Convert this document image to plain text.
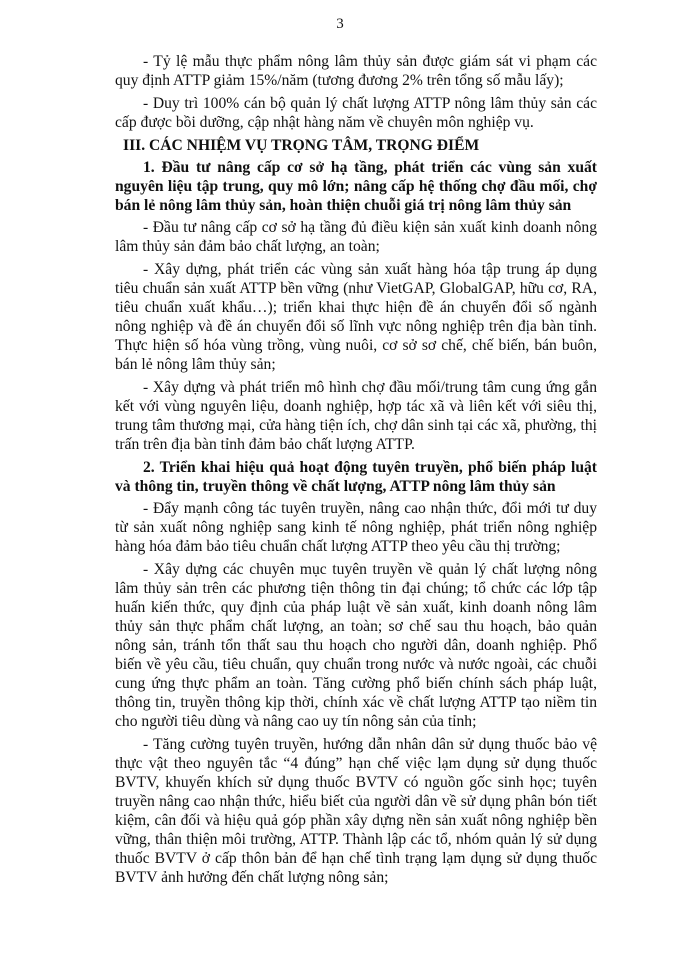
3

- Tỷ lệ mẫu thực phẩm nông lâm thủy sản được giám sát vi phạm các quy định ATTP giảm 15%/năm (tương đương 2% trên tổng số mẫu lấy);

- Duy trì 100% cán bộ quản lý chất lượng ATTP nông lâm thủy sản các cấp được bồi dưỡng, cập nhật hàng năm về chuyên môn nghiệp vụ.

III. CÁC NHIỆM VỤ TRỌNG TÂM, TRỌNG ĐIỂM

1. Đầu tư nâng cấp cơ sở hạ tầng, phát triển các vùng sản xuất nguyên liệu tập trung, quy mô lớn; nâng cấp hệ thống chợ đầu mối, chợ bán lẻ nông lâm thủy sản, hoàn thiện chuỗi giá trị nông lâm thủy sản

- Đầu tư nâng cấp cơ sở hạ tầng đủ điều kiện sản xuất kinh doanh nông lâm thủy sản đảm bảo chất lượng, an toàn;

- Xây dựng, phát triển các vùng sản xuất hàng hóa tập trung áp dụng tiêu chuẩn sản xuất ATTP bền vững (như VietGAP, GlobalGAP, hữu cơ, RA, tiêu chuẩn xuất khẩu…); triển khai thực hiện đề án chuyển đổi số ngành nông nghiệp và đề án chuyển đổi số lĩnh vực nông nghiệp trên địa bàn tỉnh. Thực hiện số hóa vùng trồng, vùng nuôi, cơ sở sơ chế, chế biến, bán buôn, bán lẻ nông lâm thủy sản;

- Xây dựng và phát triển mô hình chợ đầu mối/trung tâm cung ứng gắn kết với vùng nguyên liệu, doanh nghiệp, hợp tác xã và liên kết với siêu thị, trung tâm thương mại, cửa hàng tiện ích, chợ dân sinh tại các xã, phường, thị trấn trên địa bàn tỉnh đảm bảo chất lượng ATTP.

2. Triển khai hiệu quả hoạt động tuyên truyền, phổ biến pháp luật và thông tin, truyền thông về chất lượng, ATTP nông lâm thủy sản

- Đẩy mạnh công tác tuyên truyền, nâng cao nhận thức, đổi mới tư duy từ sản xuất nông nghiệp sang kinh tế nông nghiệp, phát triển nông nghiệp hàng hóa đảm bảo tiêu chuẩn chất lượng ATTP theo yêu cầu thị trường;

- Xây dựng các chuyên mục tuyên truyền về quản lý chất lượng nông lâm thủy sản trên các phương tiện thông tin đại chúng; tổ chức các lớp tập huấn kiến thức, quy định của pháp luật về sản xuất, kinh doanh nông lâm thủy sản thực phẩm chất lượng, an toàn; sơ chế sau thu hoạch, bảo quản nông sản, tránh tổn thất sau thu hoạch cho người dân, doanh nghiệp. Phổ biến về yêu cầu, tiêu chuẩn, quy chuẩn trong nước và nước ngoài, các chuỗi cung ứng thực phẩm an toàn. Tăng cường phổ biến chính sách pháp luật, thông tin, truyền thông kịp thời, chính xác về chất lượng ATTP tạo niềm tin cho người tiêu dùng và nâng cao uy tín nông sản của tỉnh;

- Tăng cường tuyên truyền, hướng dẫn nhân dân sử dụng thuốc bảo vệ thực vật theo nguyên tắc “4 đúng” hạn chế việc lạm dụng sử dụng thuốc BVTV, khuyến khích sử dụng thuốc BVTV có nguồn gốc sinh học; tuyên truyền nâng cao nhận thức, hiểu biết của người dân về sử dụng phân bón tiết kiệm, cân đối và hiệu quả góp phần xây dựng nền sản xuất nông nghiệp bền vững, thân thiện môi trường, ATTP. Thành lập các tổ, nhóm quản lý sử dụng thuốc BVTV ở cấp thôn bản để hạn chế tình trạng lạm dụng sử dụng thuốc BVTV ảnh hưởng đến chất lượng nông sản;
